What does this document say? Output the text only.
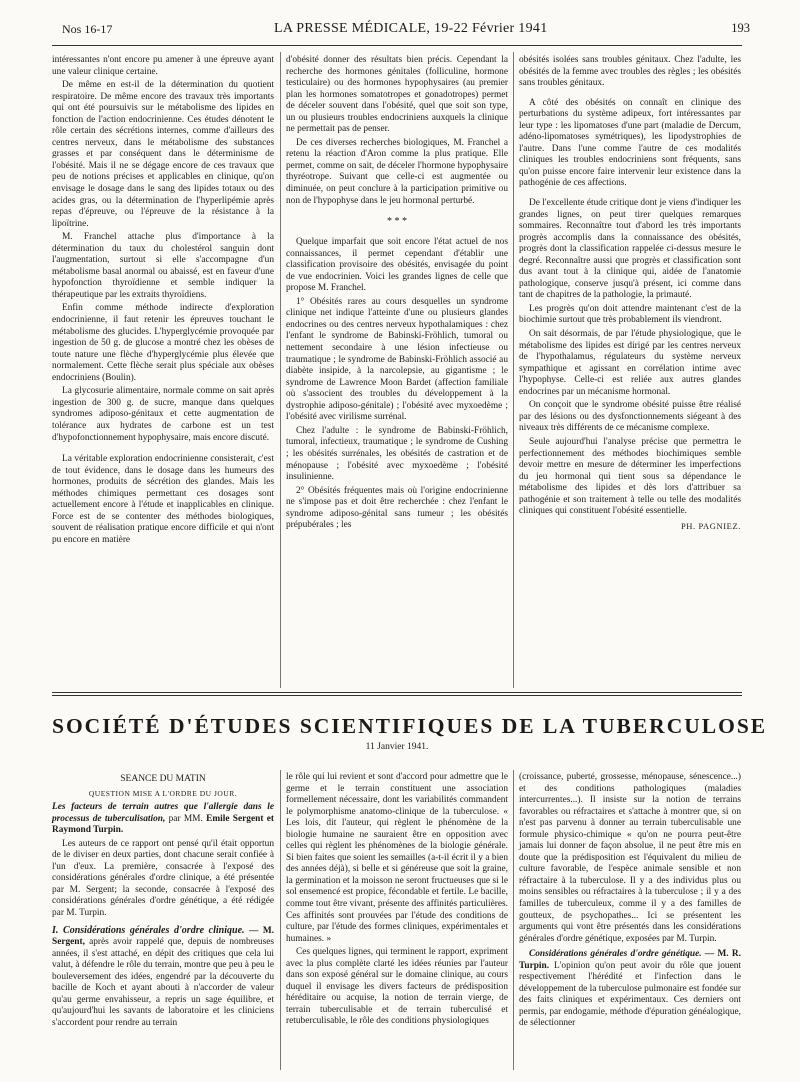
Nos 16-17	LA PRESSE MÉDICALE, 19-22 Février 1941	193

intéressantes n'ont encore pu amener à une épreuve ayant une valeur clinique certaine.

De même en est-il de la détermination du quotient respiratoire. De même encore des travaux très importants qui ont été poursuivis sur le métabolisme des lipides en fonction de l'action endocrinienne. Ces études dénotent le rôle certain des sécrétions internes, comme d'ailleurs des centres nerveux, dans le métabolisme des substances grasses et par conséquent dans le déterminisme de l'obésité. Mais il ne se dégage encore de ces travaux que peu de notions précises et applicables en clinique, qu'on envisage le dosage dans le sang des lipides totaux ou des acides gras, ou la détermination de l'hyperlipémie après repas d'épreuve, ou l'épreuve de la résistance à la lipoïtrine.

M. Franchel attache plus d'importance à la détermination du taux du cholestérol sanguin dont l'augmentation, surtout si elle s'accompagne d'un métabolisme basal anormal ou abaissé, est en faveur d'une hypofonction thyroïdienne et semble indiquer la thérapeutique par les extraits thyroïdiens.

Enfin comme méthode indirecte d'exploration endocrinienne, il faut retenir les épreuves touchant le métabolisme des glucides. L'hyperglycémie provoquée par ingestion de 50 g. de glucose a montré chez les obèses de toute nature une flèche d'hyperglycémie plus élevée que normalement. Cette flèche serait plus spéciale aux obèses endocriniens (Boulin).

La glycosurie alimentaire, normale comme on sait après ingestion de 300 g. de sucre, manque dans quelques syndromes adiposo-génitaux et cette augmentation de tolérance aux hydrates de carbone est un test d'hypofonctionnement hypophysaire, mais encore discuté.

La véritable exploration endocrinienne consisterait, c'est de tout évidence, dans le dosage dans les humeurs des hormones, produits de sécrétion des glandes. Mais les méthodes chimiques permettant ces dosages sont actuellement encore à l'étude et inapplicables en clinique. Force est de se contenter des méthodes biologiques, souvent de réalisation pratique encore difficile et qui n'ont pu encore en matière

d'obésité donner des résultats bien précis. Cependant la recherche des hormones génitales (folliculine, hormone testiculaire) ou des hormones hypophysaires (au premier plan les hormones somatotropes et gonadotropes) permet de déceler souvent dans l'obésité, quel que soit son type, un ou plusieurs troubles endocriniens auxquels la clinique ne permettait pas de penser.

De ces diverses recherches biologiques, M. Franchel a retenu la réaction d'Aron comme la plus pratique. Elle permet, comme on sait, de déceler l'hormone hypophysaire thyréotrope. Suivant que celle-ci est augmentée ou diminuée, on peut conclure à la participation primitive ou non de l'hypophyse dans le jeu hormonal perturbé.

* * *

Quelque imparfait que soit encore l'état actuel de nos connaissances, il permet cependant d'établir une classification provisoire des obésités, envisagée du point de vue endocrinien. Voici les grandes lignes de celle que propose M. Franchel.

1° Obésités rares au cours desquelles un syndrome clinique net indique l'atteinte d'une ou plusieurs glandes endocrines ou des centres nerveux hypothalamiques : chez l'enfant le syndrome de Babinski-Fröhlich, tumoral ou nettement secondaire à une lésion infectieuse ou traumatique ; le syndrome de Babinski-Fröhlich associé au diabète insipide, à la narcolepsie, au gigantisme ; le syndrome de Lawrence Moon Bardet (affection familiale où s'associent des troubles du développement à la dystrophie adiposo-génitale) ; l'obésité avec myxoedème ; l'obésité avec virilisme surrénal.

Chez l'adulte : le syndrome de Babinski-Fröhlich, tumoral, infectieux, traumatique ; le syndrome de Cushing ; les obésités surrénales, les obésités de castration et de ménopause ; l'obésité avec myxoedème ; l'obésité insulinienne.

2° Obésités fréquentes mais où l'origine endocrinienne ne s'impose pas et doit être recherchée : chez l'enfant le syndrome adiposo-génital sans tumeur ; les obésités prépubérales ; les

obésités isolées sans troubles génitaux. Chez l'adulte, les obésités de la femme avec troubles des règles ; les obésités sans troubles génitaux.

A côté des obésités on connaît en clinique des perturbations du système adipeux, fort intéressantes par leur type : les lipomatoses d'une part (maladie de Dercum, adéno-lipomatoses symétriques), les lipodystrophies de l'autre. Dans l'une comme l'autre de ces modalités cliniques les troubles endocriniens sont fréquents, sans qu'on puisse encore faire intervenir leur existence dans la pathogénie de ces affections.

De l'excellente étude critique dont je viens d'indiquer les grandes lignes, on peut tirer quelques remarques sommaires. Reconnaître tout d'abord les très importants progrès accomplis dans la connaissance des obésités, progrès dont la classification rappelée ci-dessus mesure le degré. Reconnaître aussi que progrès et classification sont dus avant tout à la clinique qui, aidée de l'anatomie pathologique, conserve jusqu'à présent, ici comme dans tant de chapitres de la pathologie, la primauté.

Les progrès qu'on doit attendre maintenant c'est de la biochimie surtout que très probablement ils viendront.

On sait désormais, de par l'étude physiologique, que le métabolisme des lipides est dirigé par les centres nerveux de l'hypothalamus, régulateurs du système nerveux sympathique et agissant en corrélation intime avec l'hypophyse. Celle-ci est reliée aux autres glandes endocrines par un mécanisme hormonal.

On conçoit que le syndrome obésité puisse être réalisé par des lésions ou des dysfonctionnements siégeant à des niveaux très différents de ce mécanisme complexe.

Seule aujourd'hui l'analyse précise que permettra le perfectionnement des méthodes biochimiques semble devoir mettre en mesure de déterminer les imperfections du jeu hormonal qui tient sous sa dépendance le métabolisme des lipides et dès lors d'attribuer sa pathogénie et son traitement à telle ou telle des modalités cliniques qui constituent l'obésité essentielle.

PH. PAGNIEZ.
SOCIÉTÉ D'ÉTUDES SCIENTIFIQUES DE LA TUBERCULOSE
11 Janvier 1941.
SEANCE DU MATIN
QUESTION MISE A L'ORDRE DU JOUR.

Les facteurs de terrain autres que l'allergie dans le processus de tuberculisation, par MM. Emile Sergent et Raymond Turpin.

Les auteurs de ce rapport ont pensé qu'il était opportun de le diviser en deux parties, dont chacune serait confiée à l'un d'eux. La première, consacrée à l'exposé des considérations générales d'ordre clinique, a été présentée par M. Sergent; la seconde, consacrée à l'exposé des considérations générales d'ordre génétique, a été rédigée par M. Turpin.

I. Considérations générales d'ordre clinique. — M. Sergent, après avoir rappelé que, depuis de nombreuses années, il s'est attaché, en dépit des critiques que cela lui valut, à défendre le rôle du terrain, montre que peu à peu le bouleversement des idées, engendré par la découverte du bacille de Koch et ayant abouti à n'accorder de valeur qu'au germe envahisseur, a repris un sage équilibre, et qu'aujourd'hui les savants de laboratoire et les cliniciens s'accordent pour rendre au terrain

le rôle qui lui revient et sont d'accord pour admettre que le germe et le terrain constituent une association formellement nécessaire, dont les variabilités commandent le polymorphisme anatomo-clinique de la tuberculose. « Les lois, dit l'auteur, qui règlent le phénomène de la biologie humaine ne sauraient être en opposition avec celles qui règlent les phénomènes de la biologie générale. Si bien faites que soient les semailles (a-t-il écrit il y a bien des années déjà), si belle et si généreuse que soit la graine, la germination et la moisson ne seront fructueuses que si le sol ensemencé est propice, fécondable et fertile. Le bacille, comme tout être vivant, présente des affinités particulières. Ces affinités sont prouvées par l'étude des conditions de culture, par l'étude des formes cliniques, expérimentales et humaines. »

Ces quelques lignes, qui terminent le rapport, expriment avec la plus complète clarté les idées réunies par l'auteur dans son exposé général sur le domaine clinique, au cours duquel il envisage les divers facteurs de prédisposition héréditaire ou acquise, la notion de terrain vierge, de terrain tuberculisable et de terrain tuberculisé et retuberculisable, le rôle des conditions physiologiques

(croissance, puberté, grossesse, ménopause, sénescence...) et des conditions pathologiques (maladies intercurrentes...). Il insiste sur la notion de terrains favorables ou réfractaires et s'attache à montrer que, si on n'est pas parvenu à donner au terrain tuberculisable une formule physico-chimique « qu'on ne pourra peut-être jamais lui donner de façon absolue, il ne peut être mis en doute que la prédisposition est l'équivalent du milieu de culture favorable, de l'espèce animale sensible et non réfractaire à la tuberculose. Il y a des individus plus ou moins sensibles ou réfractaires à la tuberculose ; il y a des familles de tuberculeux, comme il y a des familles de goutteux, de psychopathes... Ici se présentent les arguments qui vont être présentés dans les considérations générales d'ordre génétique, exposées par M. Turpin.

Considérations générales d'ordre génétique. — M. R. Turpin. L'opinion qu'on peut avoir du rôle que jouent respectivement l'hérédité et l'infection dans le développement de la tuberculose pulmonaire est fondée sur des faits cliniques et expérimentaux. Ces derniers ont permis, par endogamie, méthode d'épuration généalogique, de sélectionner
